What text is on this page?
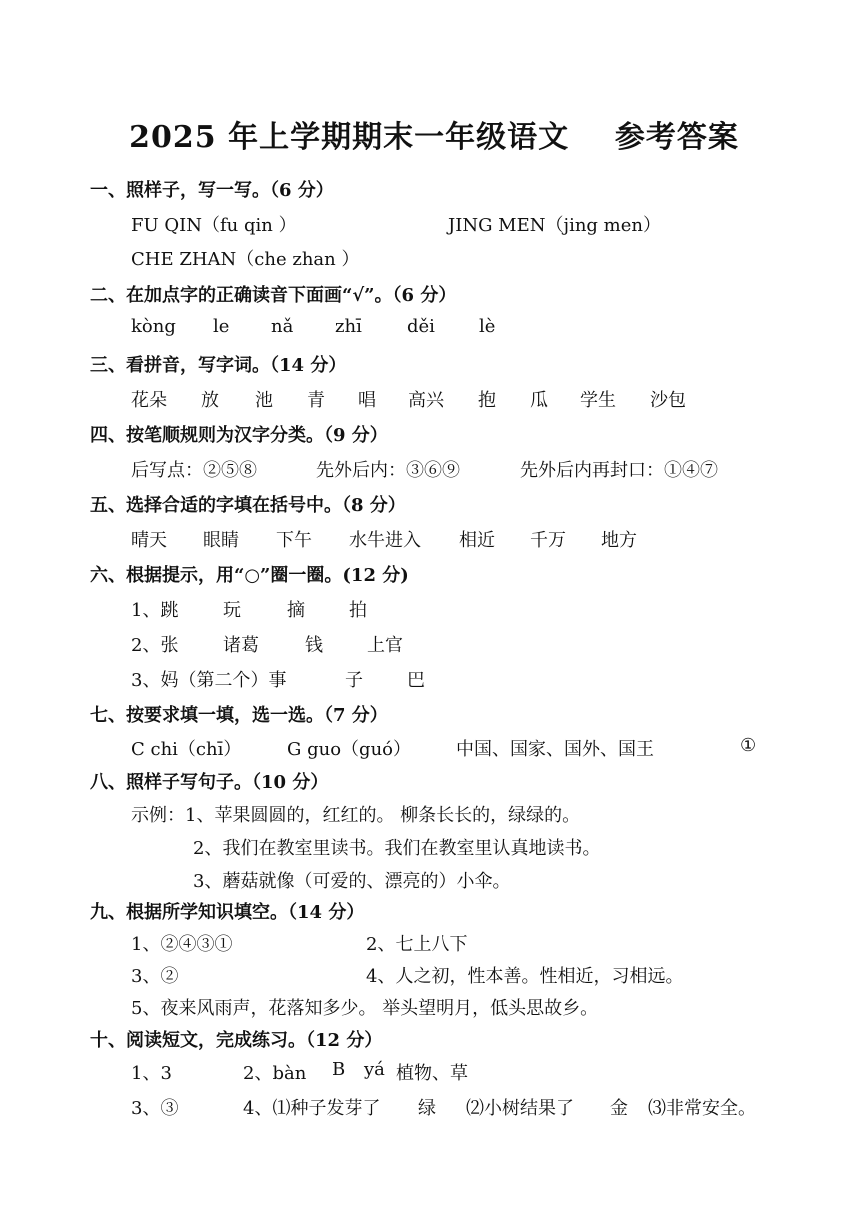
2025 年上学期期末一年级语文    参考答案
一、照样子，写一写。（6 分）
FU QIN（fu qin ）	JING MEN（jing men）
CHE ZHAN（che zhan ）
二、在加点字的正确读音下面画“√”。（6 分）
kòng	le	nǎ	zhī	děi	lè
三、看拼音，写字词。（14 分）
花朵	放	池	青	唱	高兴	抱	瓜	学生	沙包
四、按笔顺规则为汉字分类。（9 分）
后写点：②⑤⑧	先外后内：③⑥⑨	先外后内再封口：①④⑦
五、选择合适的字填在括号中。（8 分）
晴天	眼睛	下午	水牛进入	相近	千万	地方
六、根据提示，用“○”圈一圈。(12 分)
1、跳	玩	摘	拍
2、张	诸葛	钱	上官
3、妈（第二个）事	子	巴
七、按要求填一填，选一选。（7 分）
C chi（chī）	G guo（guó） 中国、国家、国外、国王	①
八、照样子写句子。（10 分）
示例：1、苹果圆圆的，红红的。 柳条长长的，绿绿的。
2、我们在教室里读书。我们在教室里认真地读书。
3、蘑菇就像（可爱的、漂亮的）小伞。
九、根据所学知识填空。（14 分）
1、②④③①	2、七上八下
3、②	4、人之初，性本善。性相近，习相远。
5、夜来风雨声，花落知多少。 举头望明月，低头思故乡。
十、阅读短文，完成练习。（12 分）
1、3	2、bàn	B	yá 植物、草
3、③	4、⑴种子发芽了	绿	⑵小树结果了	金	⑶非常安全。
